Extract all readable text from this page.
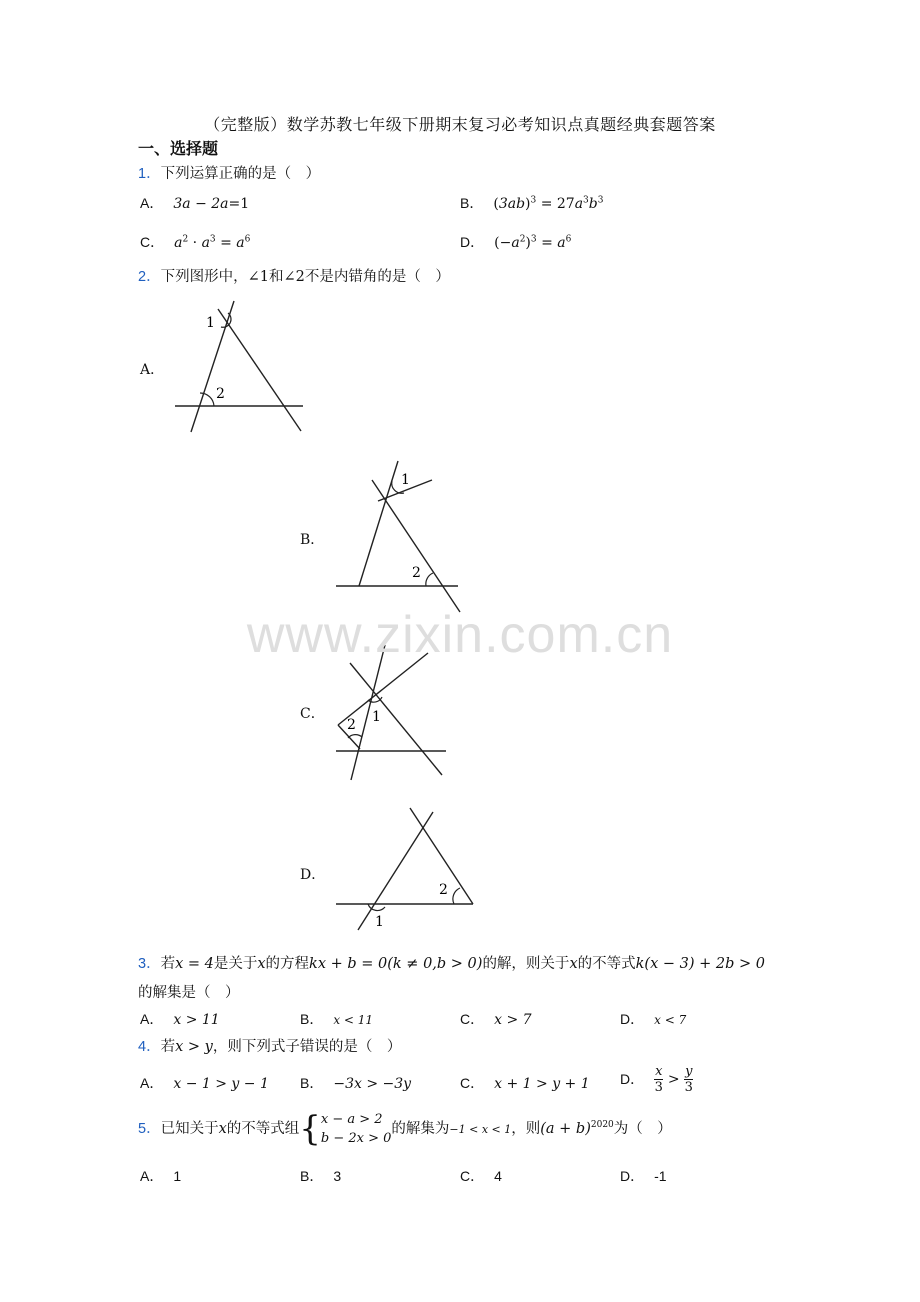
（完整版）数学苏教七年级下册期末复习必考知识点真题经典套题答案
一、选择题
1．下列运算正确的是（　）
A． 3a − 2a=1	B． $(3ab)^3 = 27a^3b^3$
C． $a^2 \cdot a^3 = a^6$	D． $(-a^2)^3 = a^6$
2．下列图形中，∠1和∠2不是内错角的是（　）
A．
1
2
B．
1
2
C．	1
2
D．
1
2
www.zixin.com.cn
3．若x = 4是关于x的方程kx + b = 0(k ≠ 0,b > 0)的解，则关于x的不等式k(x − 3) + 2b > 0
的解集是（　）
A． x > 11	B． x < 11	C． x > 7	D． x < 7
4．若x > y，则下列式子错误的是（　）
A． x − 1 > y − 1 B． −3x > −3y	C． x + 1 > y + 1 D． $\frac{x}{3} > \frac{y}{3}$
5．已知关于x的不等式组{ x − a > 2
b − 2x > 0
的解集为−1 < x < 1，则$(a + b)^{2020}$为（　）
A． 1	B． 3	C． 4	D． -1
